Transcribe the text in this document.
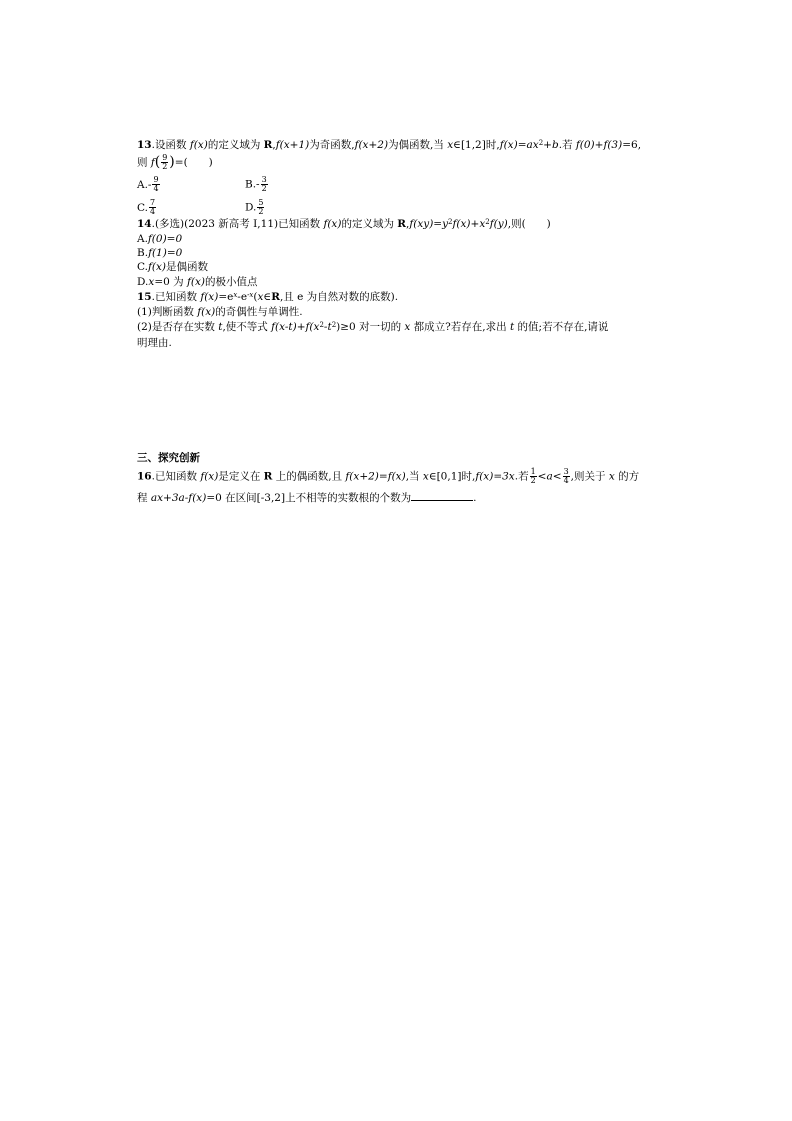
13.设函数 f(x)的定义域为 R,f(x+1)为奇函数,f(x+2)为偶函数,当 x∈[1,2]时$,f(x)=ax^2+b$.若 f(0)+f(3)=6,
则 $f( \frac{9}{2}$ )=(　　)
$A.- \frac{9}{4}$	$B.- \frac{3}{2}$
C. $\frac{7}{4}$	D. $\frac{5}{2}$
14.(多选)(2023 新高考 Ⅰ,11)已知函数 f(x)的定义域为 $R,f(xy)=y^2f(x)+x^2f(y)$,则(　　)
A.f(0)=0
B.f(1)=0
C.f(x)是偶函数
D.x=0 为 f(x)的极小值点
15.已知函数 $f(x)=e^x-e^{-x}(x\in R$,且 e 为自然对数的底数).
(1)判断函数 f(x)的奇偶性与单调性.
(2)是否存在实数 t,使不等式 $f(x-t)+f(x^2-t^2)\ge 0$ 对一切的 x 都成立?若存在,求出 t 的值;若不存在,请说
明理由.
三、探究创新
16.已知函数 f(x)是定义在 R 上的偶函数,且 f(x+2)=f(x),当 x∈[0,1]时,f(x)=3x.若 $\frac{1}{2} <a< \frac{3}{4}$ ,则关于 x 的方
程 ax+3a-f(x)=0 在区间[-3,2]上不相等的实数根的个数为	.
